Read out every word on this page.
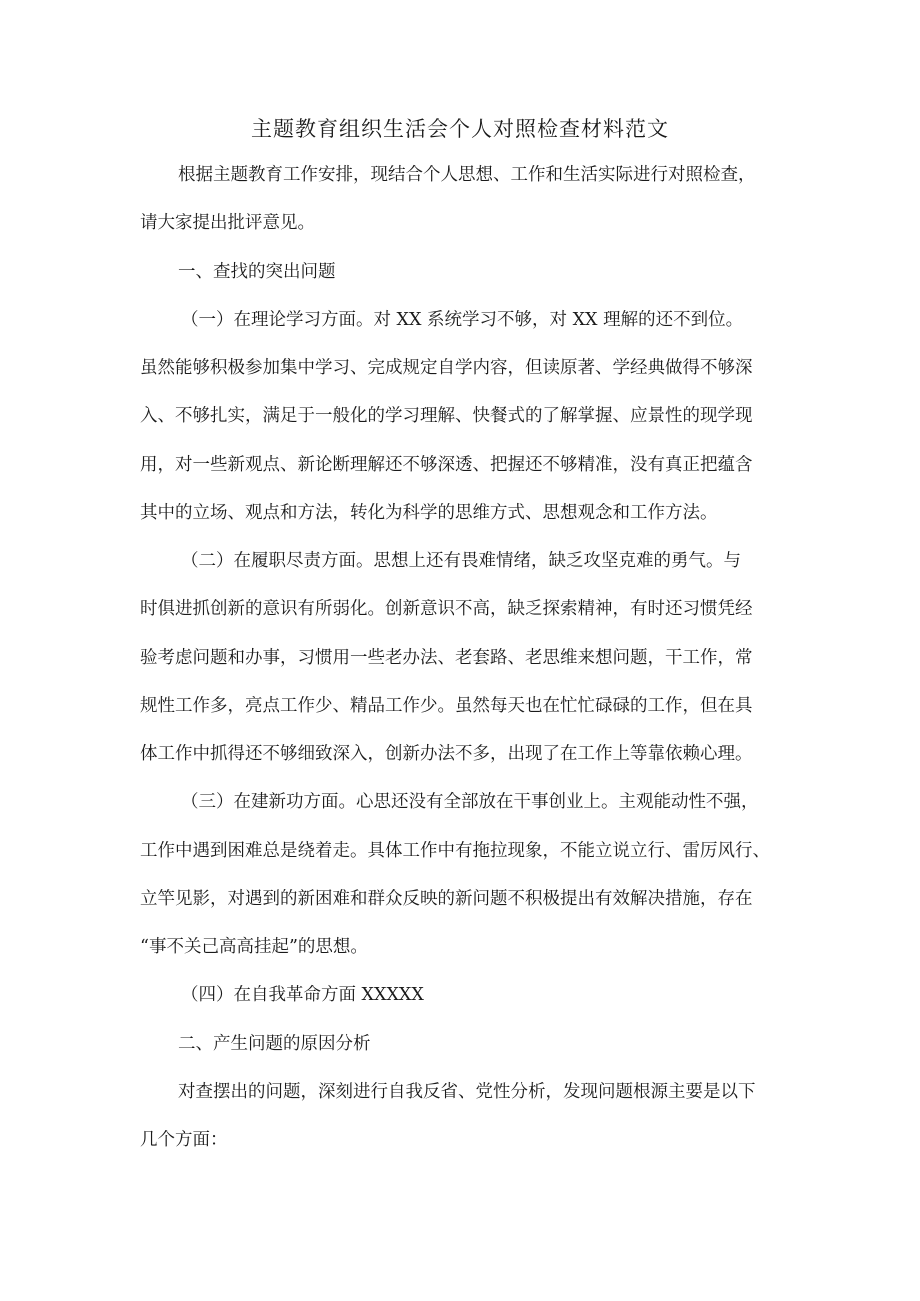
主题教育组织生活会个人对照检查材料范文
根据主题教育工作安排，现结合个人思想、工作和生活实际进行对照检查，
请大家提出批评意见。
一、查找的突出问题
（一）在理论学习方面。对 XX 系统学习不够，对 XX 理解的还不到位。
虽然能够积极参加集中学习、完成规定自学内容，但读原著、学经典做得不够深
入、不够扎实，满足于一般化的学习理解、快餐式的了解掌握、应景性的现学现
用，对一些新观点、新论断理解还不够深透、把握还不够精准，没有真正把蕴含
其中的立场、观点和方法，转化为科学的思维方式、思想观念和工作方法。
（二）在履职尽责方面。思想上还有畏难情绪，缺乏攻坚克难的勇气。与
时俱进抓创新的意识有所弱化。创新意识不高，缺乏探索精神，有时还习惯凭经
验考虑问题和办事，习惯用一些老办法、老套路、老思维来想问题，干工作，常
规性工作多，亮点工作少、精品工作少。虽然每天也在忙忙碌碌的工作，但在具
体工作中抓得还不够细致深入，创新办法不多，出现了在工作上等靠依赖心理。
（三）在建新功方面。心思还没有全部放在干事创业上。主观能动性不强，
工作中遇到困难总是绕着走。具体工作中有拖拉现象，不能立说立行、雷厉风行、
立竿见影，对遇到的新困难和群众反映的新问题不积极提出有效解决措施，存在
“事不关己高高挂起”的思想。
（四）在自我革命方面 XXXXX
二、产生问题的原因分析
对查摆出的问题，深刻进行自我反省、党性分析，发现问题根源主要是以下
几个方面：
